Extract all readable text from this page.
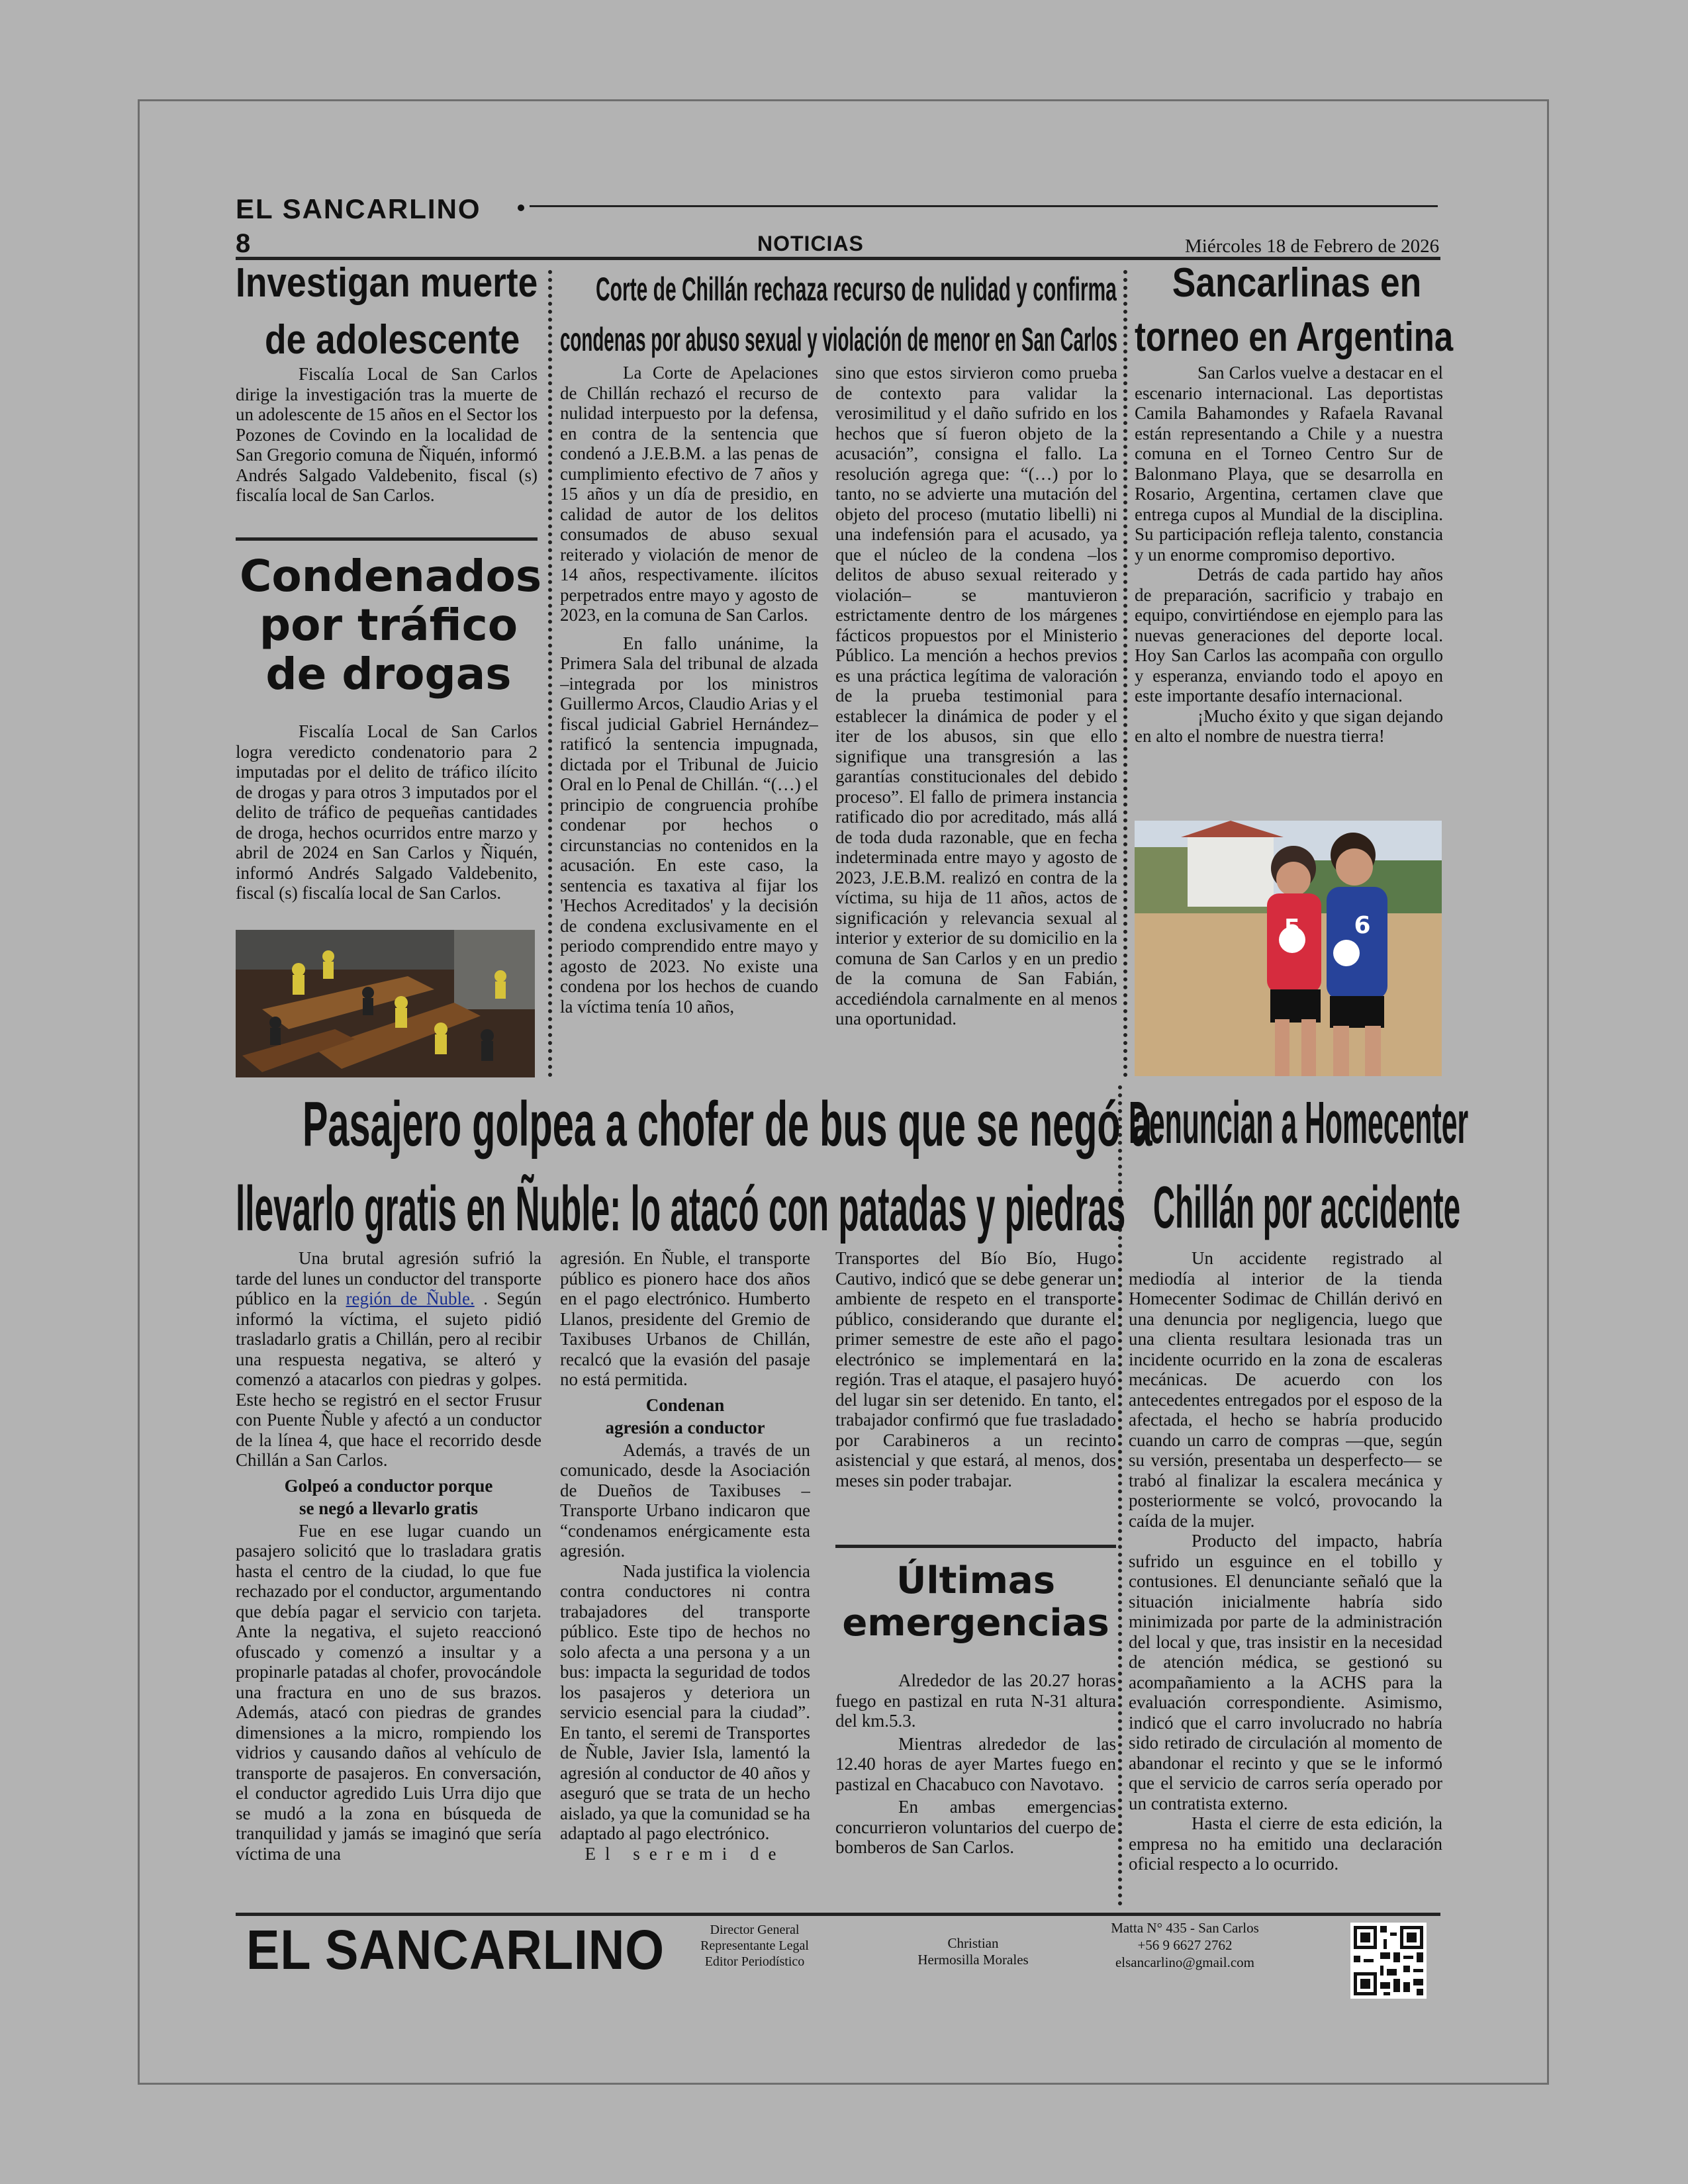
EL SANCARLINO
8	NOTICIAS	Miércoles 18 de Febrero de 2026
Investigan muerte
de adolescente

Fiscalía Local de San Carlos dirige la investigación tras la muerte de un adolescente de 15 años en el Sector los Pozones de Covindo en la localidad de San Gregorio comuna de Ñiquén, informó Andrés Salgado Valdebenito, fiscal (s) fiscalía local de San Carlos.

Condenados
por tráfico
de drogas

Fiscalía Local de San Carlos logra veredicto condenatorio para 2 imputadas por el delito de tráfico ilícito de drogas y para otros 3 imputados por el delito de tráfico de pequeñas cantidades de droga, hechos ocurridos entre marzo y abril de 2024 en San Carlos y Ñiquén, informó Andrés Salgado Valdebenito, fiscal (s) fiscalía local de San Carlos.

Corte de Chillán rechaza recurso de nulidad y confirma
condenas por abuso sexual y violación de menor en San Carlos

La Corte de Apelaciones de Chillán rechazó el recurso de nulidad interpuesto por la defensa, en contra de la sentencia que condenó a J.E.B.M. a las penas de cumplimiento efectivo de 7 años y 15 años y un día de presidio, en calidad de autor de los delitos consumados de abuso sexual reiterado y violación de menor de 14 años, respectivamente. ilícitos perpetrados entre mayo y agosto de 2023, en la comuna de San Carlos.

En fallo unánime, la Primera Sala del tribunal de alzada –integrada por los ministros Guillermo Arcos, Claudio Arias y el fiscal judicial Gabriel Hernández– ratificó la sentencia impugnada, dictada por el Tribunal de Juicio Oral en lo Penal de Chillán. “(…) el principio de congruencia prohíbe condenar por hechos o circunstancias no contenidos en la acusación. En este caso, la sentencia es taxativa al fijar los 'Hechos Acreditados' y la decisión de condena exclusivamente en el periodo comprendido entre mayo y agosto de 2023. No existe una condena por los hechos de cuando la víctima tenía 10 años,

sino que estos sirvieron como prueba de contexto para validar la verosimilitud y el daño sufrido en los hechos que sí fueron objeto de la acusación”, consigna el fallo. La resolución agrega que: “(…) por lo tanto, no se advierte una mutación del objeto del proceso (mutatio libelli) ni una indefensión para el acusado, ya que el núcleo de la condena –los delitos de abuso sexual reiterado y violación– se mantuvieron estrictamente dentro de los márgenes fácticos propuestos por el Ministerio Público. La mención a hechos previos es una práctica legítima de valoración de la prueba testimonial para establecer la dinámica de poder y el iter de los abusos, sin que ello signifique una transgresión a las garantías constitucionales del debido proceso”. El fallo de primera instancia ratificado dio por acreditado, más allá de toda duda razonable, que en fecha indeterminada entre mayo y agosto de 2023, J.E.B.M. realizó en contra de la víctima, su hija de 11 años, actos de significación y relevancia sexual al interior y exterior de su domicilio en la comuna de San Carlos y en un predio de la comuna de San Fabián, accediéndola carnalmente en al menos una oportunidad.

Sancarlinas en
torneo en Argentina

San Carlos vuelve a destacar en el escenario internacional. Las deportistas Camila Bahamondes y Rafaela Ravanal están representando a Chile y a nuestra comuna en el Torneo Centro Sur de Balonmano Playa, que se desarrolla en Rosario, Argentina, certamen clave que entrega cupos al Mundial de la disciplina. Su participación refleja talento, constancia y un enorme compromiso deportivo.

Detrás de cada partido hay años de preparación, sacrificio y trabajo en equipo, convirtiéndose en ejemplo para las nuevas generaciones del deporte local. Hoy San Carlos las acompaña con orgullo y esperanza, enviando todo el apoyo en este importante desafío internacional.

¡Mucho éxito y que sigan dejando en alto el nombre de nuestra tierra!

5 6
Pasajero golpea a chofer de bus que se negó a
llevarlo gratis en Ñuble: lo atacó con patadas y piedras

Una brutal agresión sufrió la tarde del lunes un conductor del transporte público en la región de Ñuble. . Según informó la víctima, el sujeto pidió trasladarlo gratis a Chillán, pero al recibir una respuesta negativa, se alteró y comenzó a atacarlos con piedras y golpes. Este hecho se registró en el sector Frusur con Puente Ñuble y afectó a un conductor de la línea 4, que hace el recorrido desde Chillán a San Carlos.

Golpeó a conductor porque
se negó a llevarlo gratis

Fue en ese lugar cuando un pasajero solicitó que lo trasladara gratis hasta el centro de la ciudad, lo que fue rechazado por el conductor, argumentando que debía pagar el servicio con tarjeta. Ante la negativa, el sujeto reaccionó ofuscado y comenzó a insultar y a propinarle patadas al chofer, provocándole una fractura en uno de sus brazos. Además, atacó con piedras de grandes dimensiones a la micro, rompiendo los vidrios y causando daños al vehículo de transporte de pasajeros. En conversación, el conductor agredido Luis Urra dijo que se mudó a la zona en búsqueda de tranquilidad y jamás se imaginó que sería víctima de una

agresión. En Ñuble, el transporte público es pionero hace dos años en el pago electrónico. Humberto Llanos, presidente del Gremio de Taxibuses Urbanos de Chillán, recalcó que la evasión del pasaje no está permitida.

Condenan
agresión a conductor

Además, a través de un comunicado, desde la Asociación de Dueños de Taxibuses – Transporte Urbano indicaron que “condenamos enérgicamente esta agresión.

Nada justifica la violencia contra conductores ni contra trabajadores del transporte público. Este tipo de hechos no solo afecta a una persona y a un bus: impacta la seguridad de todos los pasajeros y deteriora un servicio esencial para la ciudad”. En tanto, el seremi de Transportes de Ñuble, Javier Isla, lamentó la agresión al conductor de 40 años y aseguró que se trata de un hecho aislado, ya que la comunidad se ha adaptado al pago electrónico.

El seremi de

Transportes del Bío Bío, Hugo Cautivo, indicó que se debe generar un ambiente de respeto en el transporte público, considerando que durante el primer semestre de este año el pago electrónico se implementará en la región. Tras el ataque, el pasajero huyó del lugar sin ser detenido. En tanto, el trabajador confirmó que fue trasladado por Carabineros a un recinto asistencial y que estará, al menos, dos meses sin poder trabajar.

Últimas
emergencias

Alrededor de las 20.27 horas fuego en pastizal en ruta N-31 altura del km.5.3.

Mientras alrededor de las 12.40 horas de ayer Martes fuego en pastizal en Chacabuco con Navotavo.

En ambas emergencias concurrieron voluntarios del cuerpo de bomberos de San Carlos.

Denuncian a Homecenter
Chillán por accidente

Un accidente registrado al mediodía al interior de la tienda Homecenter Sodimac de Chillán derivó en una denuncia por negligencia, luego que una clienta resultara lesionada tras un incidente ocurrido en la zona de escaleras mecánicas. De acuerdo con los antecedentes entregados por el esposo de la afectada, el hecho se habría producido cuando un carro de compras —que, según su versión, presentaba un desperfecto— se trabó al finalizar la escalera mecánica y posteriormente se volcó, provocando la caída de la mujer.

Producto del impacto, habría sufrido un esguince en el tobillo y contusiones. El denunciante señaló que la situación inicialmente habría sido minimizada por parte de la administración del local y que, tras insistir en la necesidad de atención médica, se gestionó su acompañamiento a la ACHS para la evaluación correspondiente. Asimismo, indicó que el carro involucrado no habría sido retirado de circulación al momento de abandonar el recinto y que se le informó que el servicio de carros sería operado por un contratista externo.

Hasta el cierre de esta edición, la empresa no ha emitido una declaración oficial respecto a lo ocurrido.

EL SANCARLINO	Director General
Representante Legal
Editor Periodístico
Christian
Hermosilla Morales
Matta N° 435 - San Carlos
+56 9 6627 2762
elsancarlino@gmail.com
